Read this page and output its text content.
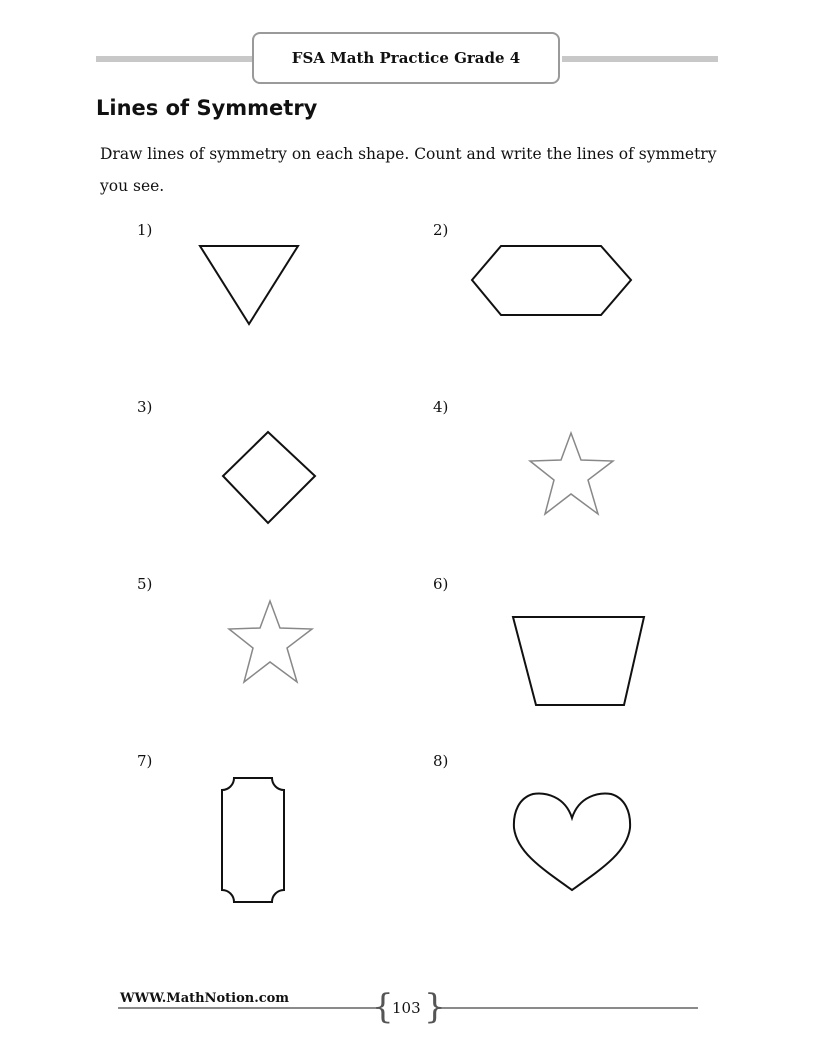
FSA Math Practice Grade 4
Lines of Symmetry

Draw lines of symmetry on each shape. Count and write the lines of symmetry you see.

1)	2)
3)	4)
5)	6)
7)	8)
WWW.MathNotion.com { }
103
